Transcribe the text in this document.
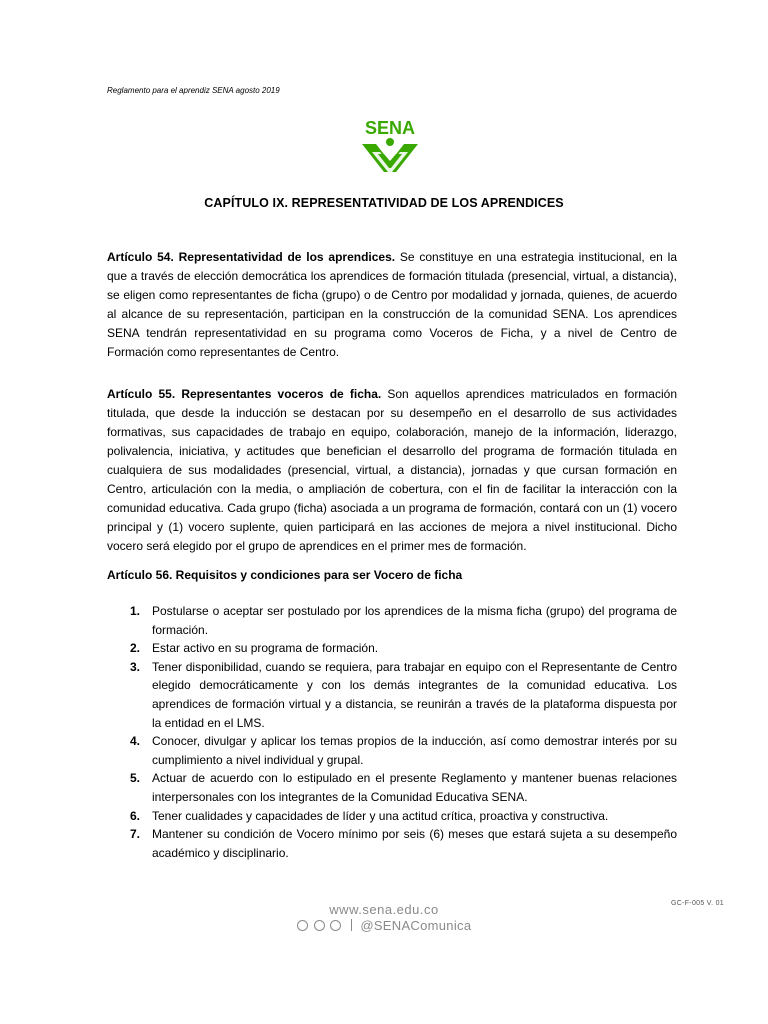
Reglamento para el aprendiz SENA agosto 2019
SENA
CAPÍTULO IX. REPRESENTATIVIDAD DE LOS APRENDICES

Artículo 54. Representatividad de los aprendices. Se constituye en una estrategia institucional, en la que a través de elección democrática los aprendices de formación titulada (presencial, virtual, a distancia), se eligen como representantes de ficha (grupo) o de Centro por modalidad y jornada, quienes, de acuerdo al alcance de su representación, participan en la construcción de la comunidad SENA. Los aprendices SENA tendrán representatividad en su programa como Voceros de Ficha, y a nivel de Centro de Formación como representantes de Centro.

Artículo 55. Representantes voceros de ficha. Son aquellos aprendices matriculados en formación titulada, que desde la inducción se destacan por su desempeño en el desarrollo de sus actividades formativas, sus capacidades de trabajo en equipo, colaboración, manejo de la información, liderazgo, polivalencia, iniciativa, y actitudes que benefician el desarrollo del programa de formación titulada en cualquiera de sus modalidades (presencial, virtual, a distancia), jornadas y que cursan formación en Centro, articulación con la media, o ampliación de cobertura, con el fin de facilitar la interacción con la comunidad educativa. Cada grupo (ficha) asociada a un programa de formación, contará con un (1) vocero principal y (1) vocero suplente, quien participará en las acciones de mejora a nivel institucional. Dicho vocero será elegido por el grupo de aprendices en el primer mes de formación.

Artículo 56. Requisitos y condiciones para ser Vocero de ficha
1. Postularse o aceptar ser postulado por los aprendices de la misma ficha (grupo) del programa de formación.
2. Estar activo en su programa de formación.
3. Tener disponibilidad, cuando se requiera, para trabajar en equipo con el Representante de Centro elegido democráticamente y con los demás integrantes de la comunidad educativa. Los aprendices de formación virtual y a distancia, se reunirán a través de la plataforma dispuesta por la entidad en el LMS.
4. Conocer, divulgar y aplicar los temas propios de la inducción, así como demostrar interés por su cumplimiento a nivel individual y grupal.
5. Actuar de acuerdo con lo estipulado en el presente Reglamento y mantener buenas relaciones interpersonales con los integrantes de la Comunidad Educativa SENA.
6. Tener cualidades y capacidades de líder y una actitud crítica, proactiva y constructiva.
7. Mantener su condición de Vocero mínimo por seis (6) meses que estará sujeta a su desempeño académico y disciplinario.
www.sena.edu.co
@SENAComunica
GC-F-005 V. 01
